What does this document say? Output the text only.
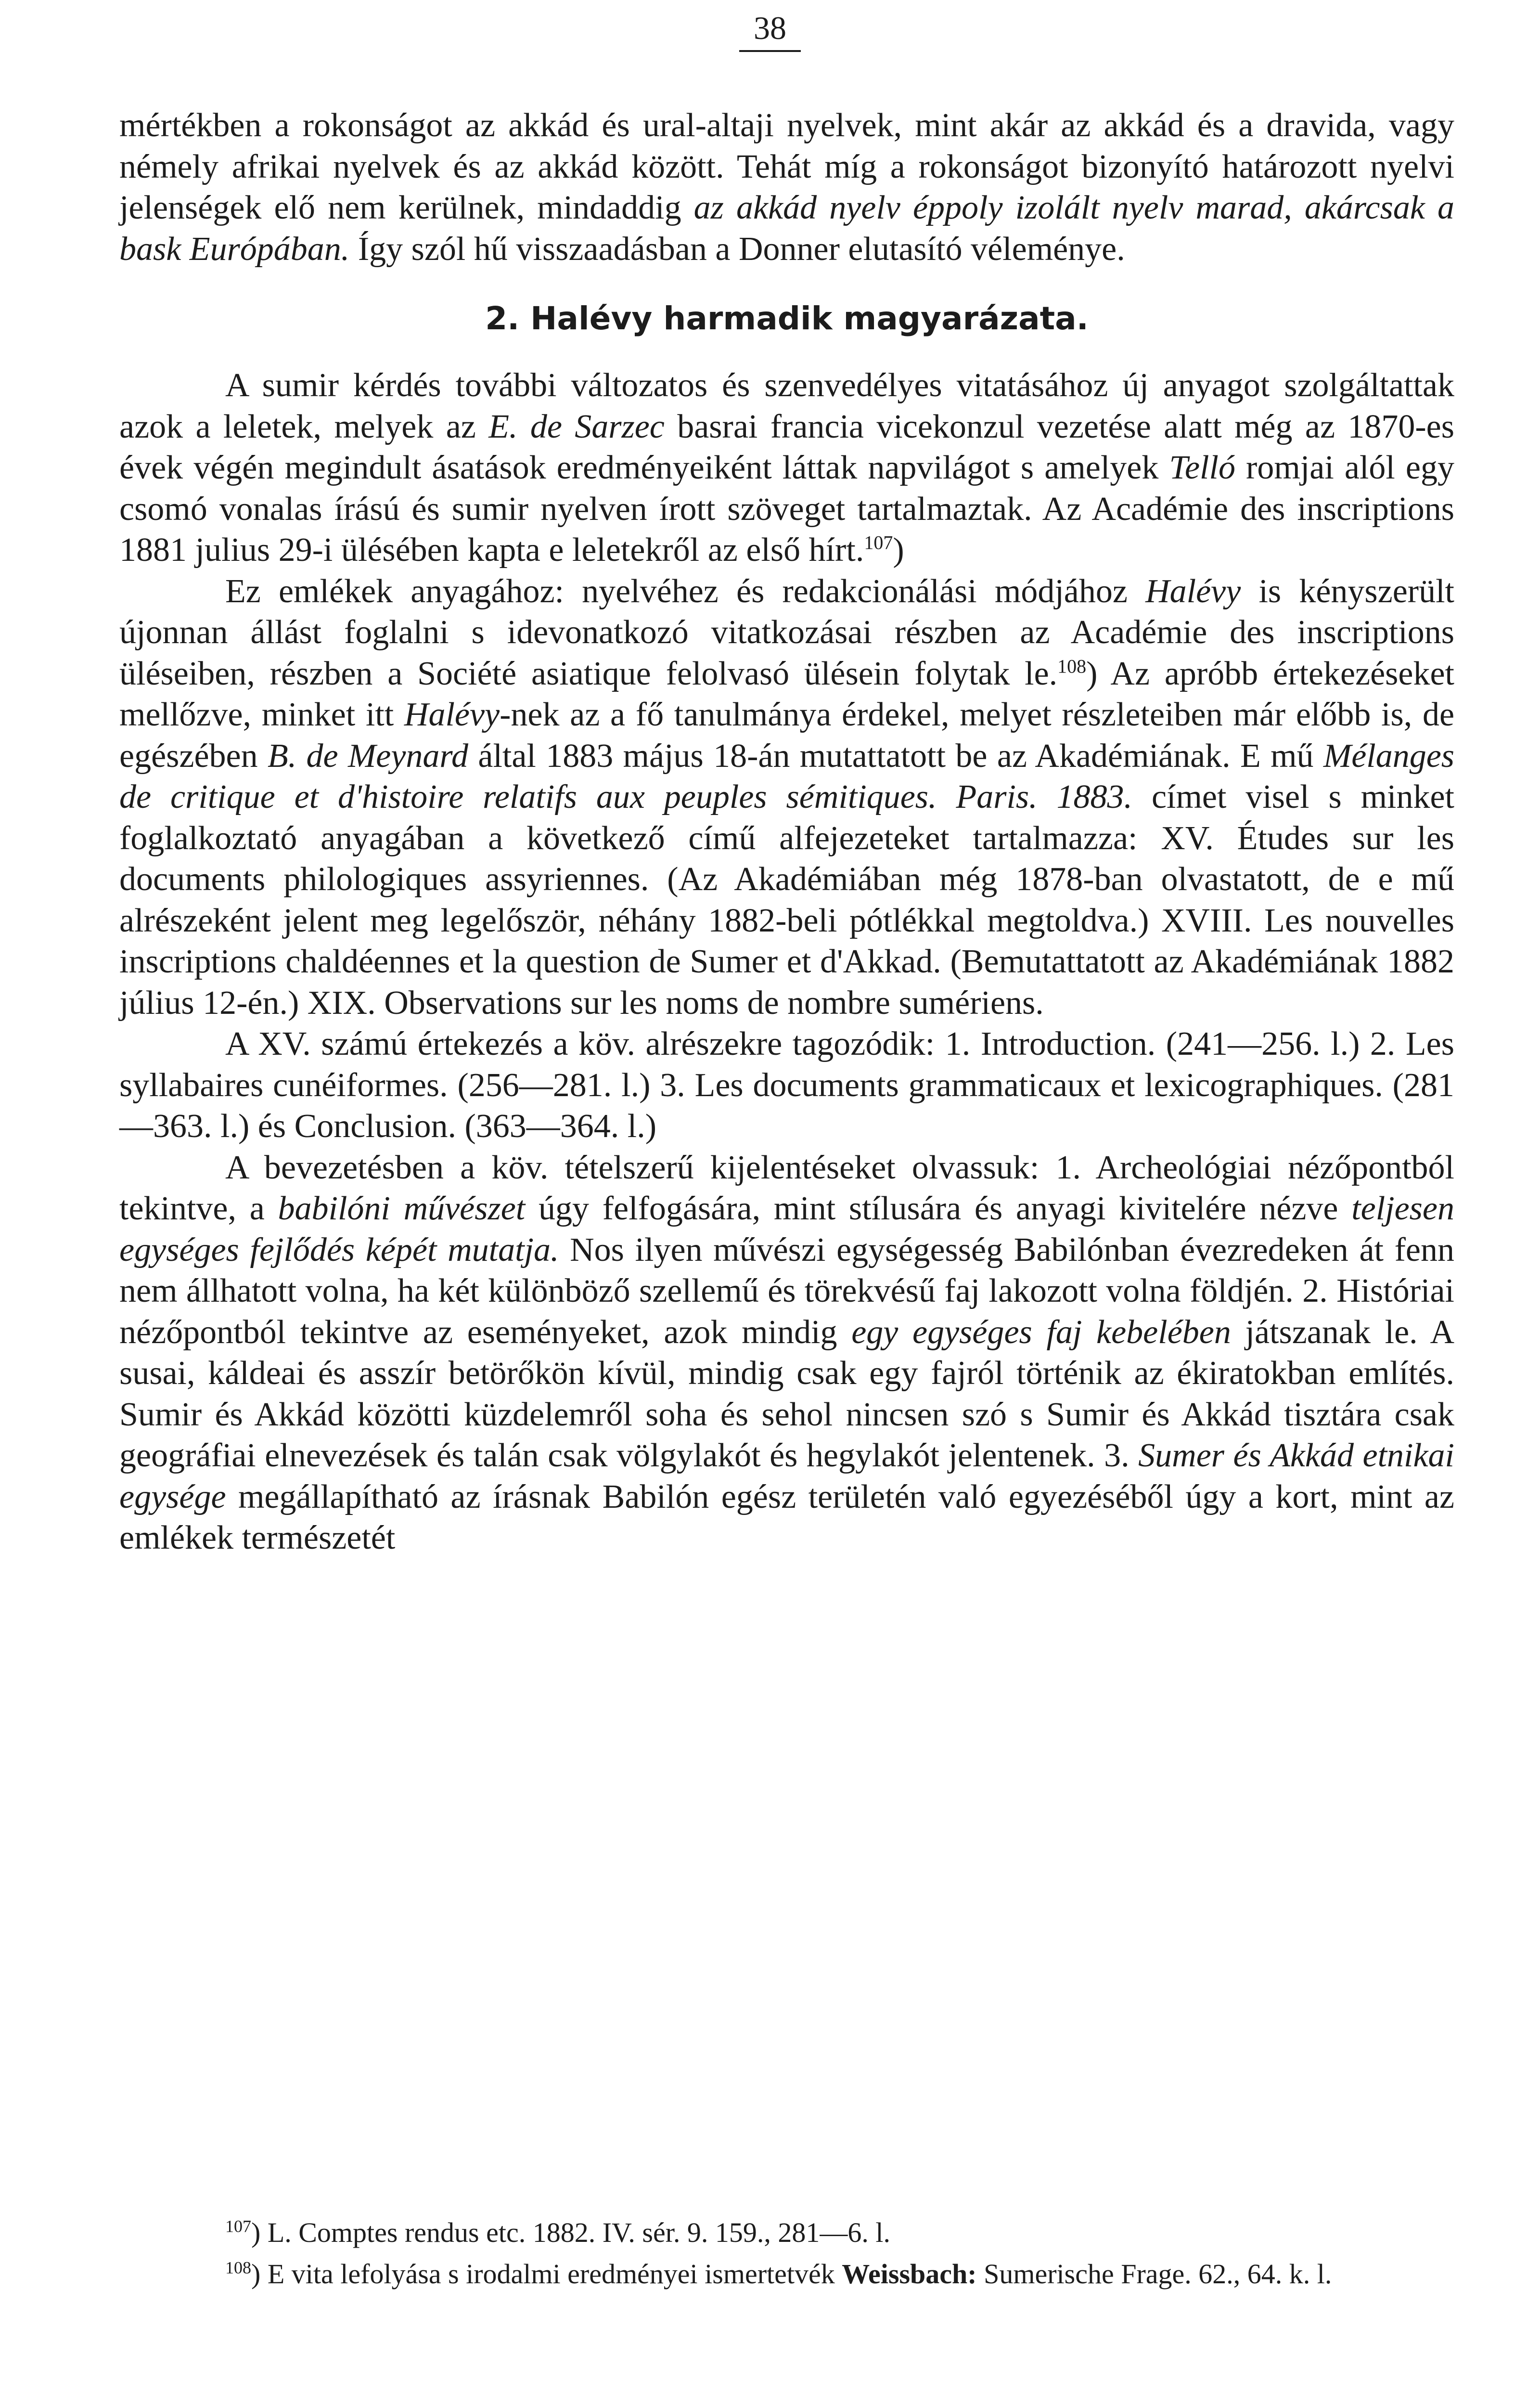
38

mértékben a rokonságot az akkád és ural-altaji nyelvek, mint akár az akkád és a dravida, vagy némely afrikai nyelvek és az akkád között. Tehát míg a rokonságot bizonyító határozott nyelvi jelenségek elő nem kerülnek, mindaddig az akkád nyelv éppoly izolált nyelv marad, akárcsak a bask Európában. Így szól hű visszaadásban a Donner elutasító véleménye.

2. Halévy harmadik magyarázata.

A sumir kérdés további változatos és szenvedélyes vitatásához új anyagot szolgáltattak azok a leletek, melyek az E. de Sarzec basrai francia vicekonzul vezetése alatt még az 1870-es évek végén megindult ásatások eredményeiként láttak napvilágot s amelyek Telló romjai alól egy csomó vonalas írású és sumir nyelven írott szöveget tartalmaztak. Az Académie des inscriptions 1881 julius 29-i ülésében kapta e leletekről az első hírt.$^{107}$)

Ez emlékek anyagához: nyelvéhez és redakcionálási módjához Halévy is kényszerült újonnan állást foglalni s idevonatkozó vitatkozásai részben az Académie des inscriptions üléseiben, részben a Société asiatique felolvasó ülésein folytak le.$^{108}$) Az apróbb értekezéseket mellőzve, minket itt Halévy-nek az a fő tanulmánya érdekel, melyet részleteiben már előbb is, de egészében B. de Meynard által 1883 május 18-án mutattatott be az Akadémiának. E mű Mélanges de critique et d'histoire relatifs aux peuples sémitiques. Paris. 1883. címet visel s minket foglalkoztató anyagában a következő című alfejezeteket tartalmazza: XV. Études sur les documents philologiques assyriennes. (Az Akadémiában még 1878-ban olvastatott, de e mű alrészeként jelent meg legelőször, néhány 1882-beli pótlékkal megtoldva.) XVIII. Les nouvelles inscriptions chaldéennes et la question de Sumer et d'Akkad. (Bemutattatott az Akadémiának 1882 július 12-én.) XIX. Observations sur les noms de nombre sumériens.

A XV. számú értekezés a köv. alrészekre tagozódik: 1. Introduction. (241—256. l.) 2. Les syllabaires cunéiformes. (256—281. l.) 3. Les documents grammaticaux et lexicographiques. (281—363. l.) és Conclusion. (363—364. l.)

A bevezetésben a köv. tételszerű kijelentéseket olvassuk: 1. Archeológiai nézőpontból tekintve, a babilóni művészet úgy felfogására, mint stílusára és anyagi kivitelére nézve teljesen egységes fejlődés képét mutatja. Nos ilyen művészi egységesség Babilónban évezredeken át fenn nem állhatott volna, ha két különböző szellemű és törekvésű faj lakozott volna földjén. 2. Históriai nézőpontból tekintve az eseményeket, azok mindig egy egységes faj kebelében játszanak le. A susai, káldeai és asszír betörőkön kívül, mindig csak egy fajról történik az ékiratokban említés. Sumir és Akkád közötti küzdelemről soha és sehol nincsen szó s Sumir és Akkád tisztára csak geográfiai elnevezések és talán csak völgylakót és hegylakót jelentenek. 3. Sumer és Akkád etnikai egysége megállapítható az írásnak Babilón egész területén való egyezéséből úgy a kort, mint az emlékek természetét

$^{107}$) L. Comptes rendus etc. 1882. IV. sér. 9. 159., 281—6. l.

$^{108}$) E vita lefolyása s irodalmi eredményei ismertetvék Weissbach: Sumerische Frage. 62., 64. k. l.
